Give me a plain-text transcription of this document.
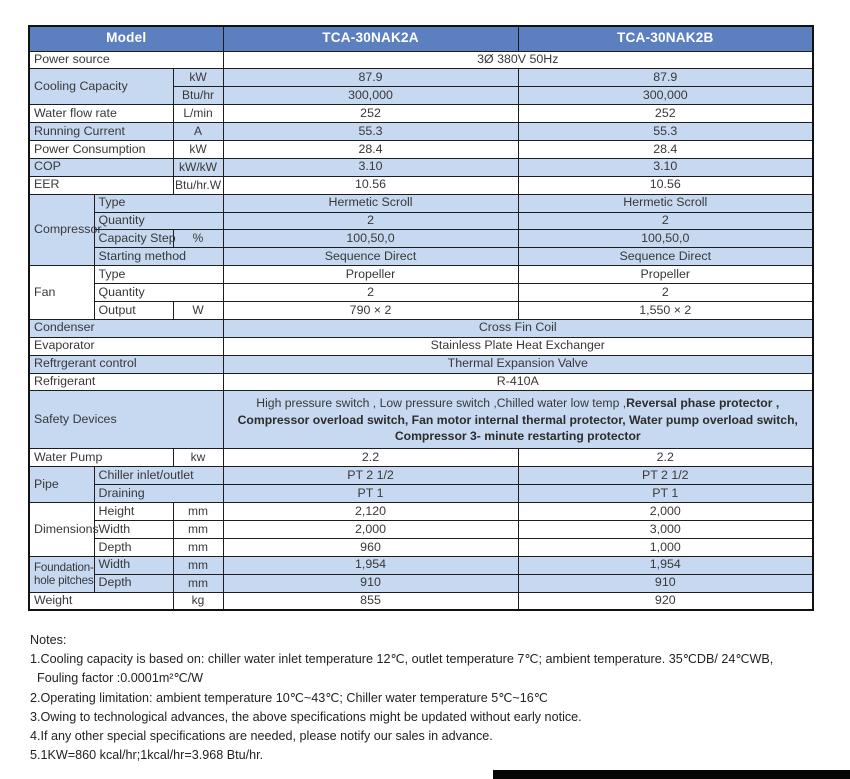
Model			TCA-30NAK2A	TCA-30NAK2B
Power source			3Ø 380V 50Hz	
Cooling Capacity		kW	87.9	87.9
		Btu/hr	300,000	300,000
Water flow rate		L/min	252	252
Running Current		A	55.3	55.3
Power Consumption		kW	28.4	28.4
COP		kW/kW	3.10	3.10
EER		Btu/hr.W	10.56	10.56
Compressor	Type		Hermetic Scroll	Hermetic Scroll
	Quantity		2	2
	Capacity Step	%	100,50,0	100,50,0
	Starting method		Sequence Direct	Sequence Direct
Fan	Type		Propeller	Propeller
	Quantity		2	2
	Output	W	790 × 2	1,550 × 2
Condenser			Cross Fin Coil	
Evaporator			Stainless Plate Heat Exchanger	
Reftrgerant control			Thermal Expansion Valve	
Refrigerant			R-410A	
Safety Devices			High pressure switch , Low pressure switch ,Chilled water low temp ,Reversal phase protector ,
Compressor overload switch, Fan motor internal thermal protector, Water pump overload switch,
Compressor 3- minute restarting protector	
Water Pump		kw	2.2	2.2
Pipe	Chiller inlet/outlet		PT 2 1/2	PT 2 1/2
	Draining		PT 1	PT 1
Dimensions	Height	mm	2,120	2,000
	Width	mm	2,000	3,000
	Depth	mm	960	1,000
Foundation-hole pitches	Width	mm	1,954	1,954
	Depth	mm	910	910
Weight		kg	855	920
Notes:
1.Cooling capacity is based on: chiller water inlet temperature 12℃, outlet temperature 7℃; ambient temperature. 35℃DB/ 24℃WB,
Fouling factor :0.0001m²℃/W
2.Operating limitation: ambient temperature 10℃~43℃; Chiller water temperature 5℃~16℃
3.Owing to technological advances, the above specifications might be updated without early notice.
4.If any other special specifications are needed, please notify our sales in advance.
5.1KW=860 kcal/hr;1kcal/hr=3.968 Btu/hr.
